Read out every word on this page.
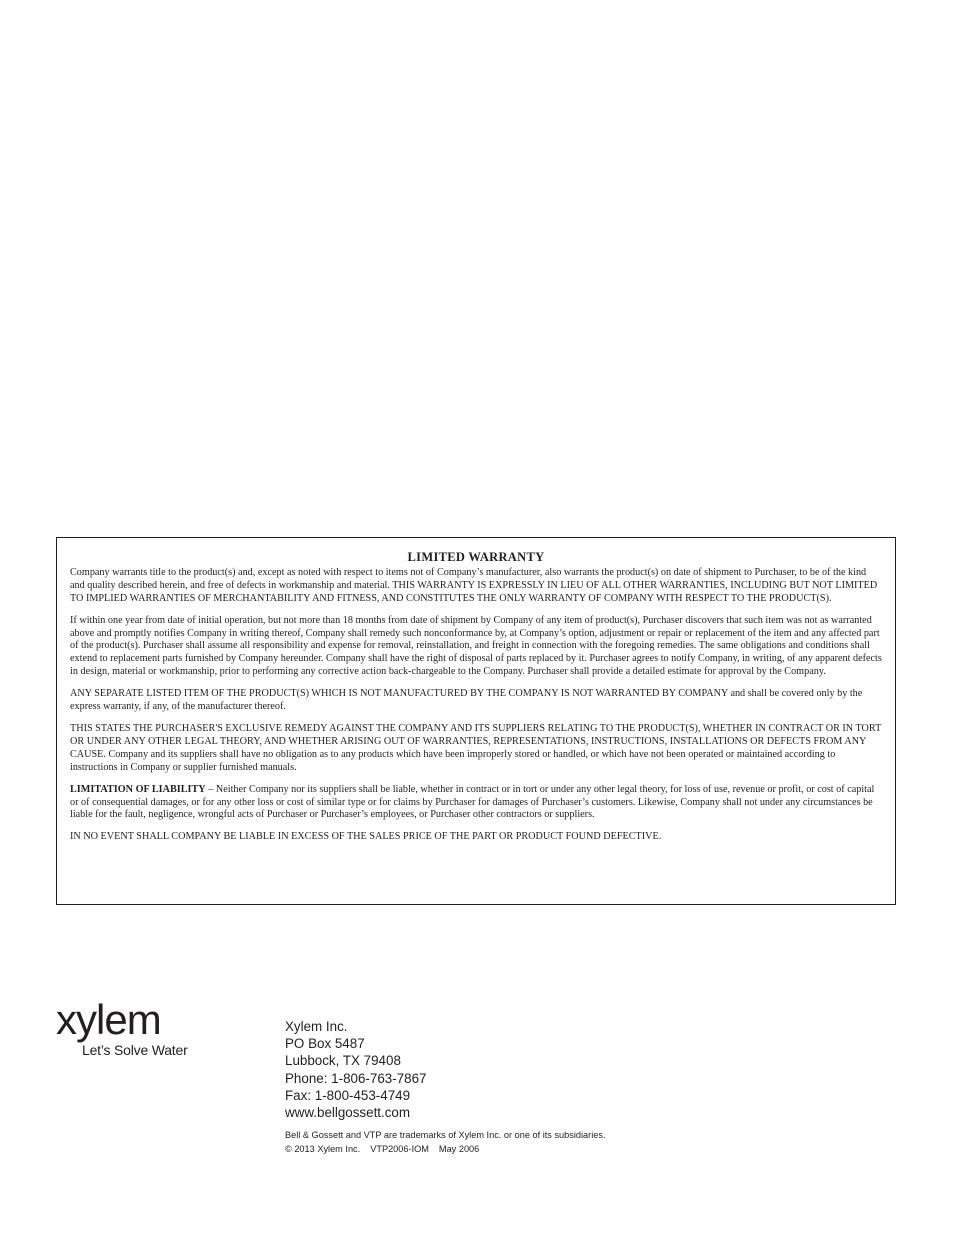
LIMITED WARRANTY

Company warrants title to the product(s) and, except as noted with respect to items not of Company’s manufacturer, also warrants the product(s) on date of shipment to Purchaser, to be of the kind and quality described herein, and free of defects in workmanship and material. THIS WARRANTY IS EXPRESSLY IN LIEU OF ALL OTHER WARRANTIES, INCLUDING BUT NOT LIMITED TO IMPLIED WARRANTIES OF MERCHANTABILITY AND FITNESS, AND CONSTITUTES THE ONLY WARRANTY OF COMPANY WITH RESPECT TO THE PRODUCT(S).

If within one year from date of initial operation, but not more than 18 months from date of shipment by Company of any item of product(s), Purchaser discovers that such item was not as warranted above and promptly notifies Company in writing thereof, Company shall remedy such nonconformance by, at Company’s option, adjustment or repair or replacement of the item and any affected part of the product(s). Purchaser shall assume all responsibility and expense for removal, reinstallation, and freight in connection with the foregoing remedies. The same obligations and conditions shall extend to replacement parts furnished by Company hereunder. Company shall have the right of disposal of parts replaced by it. Purchaser agrees to notify Company, in writing, of any apparent defects in design, material or workmanship, prior to performing any corrective action back-chargeable to the Company. Purchaser shall provide a detailed estimate for approval by the Company.

ANY SEPARATE LISTED ITEM OF THE PRODUCT(S) WHICH IS NOT MANUFACTURED BY THE COMPANY IS NOT WARRANTED BY COMPANY and shall be covered only by the express warranty, if any, of the manufacturer thereof.

THIS STATES THE PURCHASER'S EXCLUSIVE REMEDY AGAINST THE COMPANY AND ITS SUPPLIERS RELATING TO THE PRODUCT(S), WHETHER IN CONTRACT OR IN TORT OR UNDER ANY OTHER LEGAL THEORY, AND WHETHER ARISING OUT OF WARRANTIES, REPRESENTATIONS, INSTRUCTIONS, INSTALLATIONS OR DEFECTS FROM ANY CAUSE. Company and its suppliers shall have no obligation as to any products which have been improperly stored or handled, or which have not been operated or maintained according to instructions in Company or supplier furnished manuals.

LIMITATION OF LIABILITY – Neither Company nor its suppliers shall be liable, whether in contract or in tort or under any other legal theory, for loss of use, revenue or profit, or cost of capital or of consequential damages, or for any other loss or cost of similar type or for claims by Purchaser for damages of Purchaser’s customers. Likewise, Company shall not under any circumstances be liable for the fault, negligence, wrongful acts of Purchaser or Purchaser’s employees, or Purchaser other contractors or suppliers.

IN NO EVENT SHALL COMPANY BE LIABLE IN EXCESS OF THE SALES PRICE OF THE PART OR PRODUCT FOUND DEFECTIVE.

xylem
Let’s Solve Water
Xylem Inc.
PO Box 5487
Lubbock, TX 79408
Phone: 1-806-763-7867
Fax: 1-800-453-4749
www.bellgossett.com
Bell & Gossett and VTP are trademarks of Xylem Inc. or one of its subsidiaries.
© 2013 Xylem Inc. VTP2006-IOM May 2006
